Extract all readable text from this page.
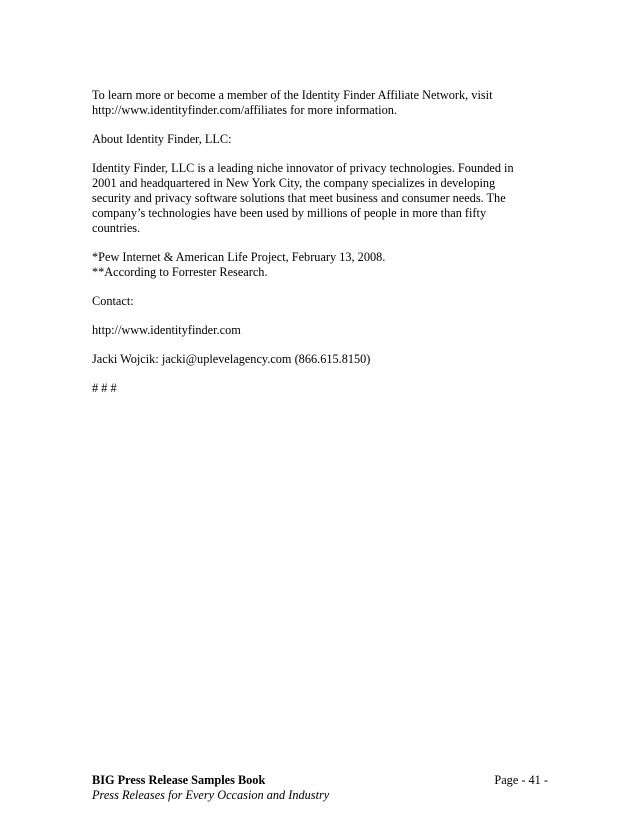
To learn more or become a member of the Identity Finder Affiliate Network, visit
http://www.identityfinder.com/affiliates for more information.
About Identity Finder, LLC:
Identity Finder, LLC is a leading niche innovator of privacy technologies. Founded in
2001 and headquartered in New York City, the company specializes in developing
security and privacy software solutions that meet business and consumer needs. The
company’s technologies have been used by millions of people in more than fifty
countries.
*Pew Internet & American Life Project, February 13, 2008.
**According to Forrester Research.
Contact:
http://www.identityfinder.com
Jacki Wojcik: jacki@uplevelagency.com (866.615.8150)
# # #
BIG Press Release Samples Book	Page - 41 -
Press Releases for Every Occasion and Industry
